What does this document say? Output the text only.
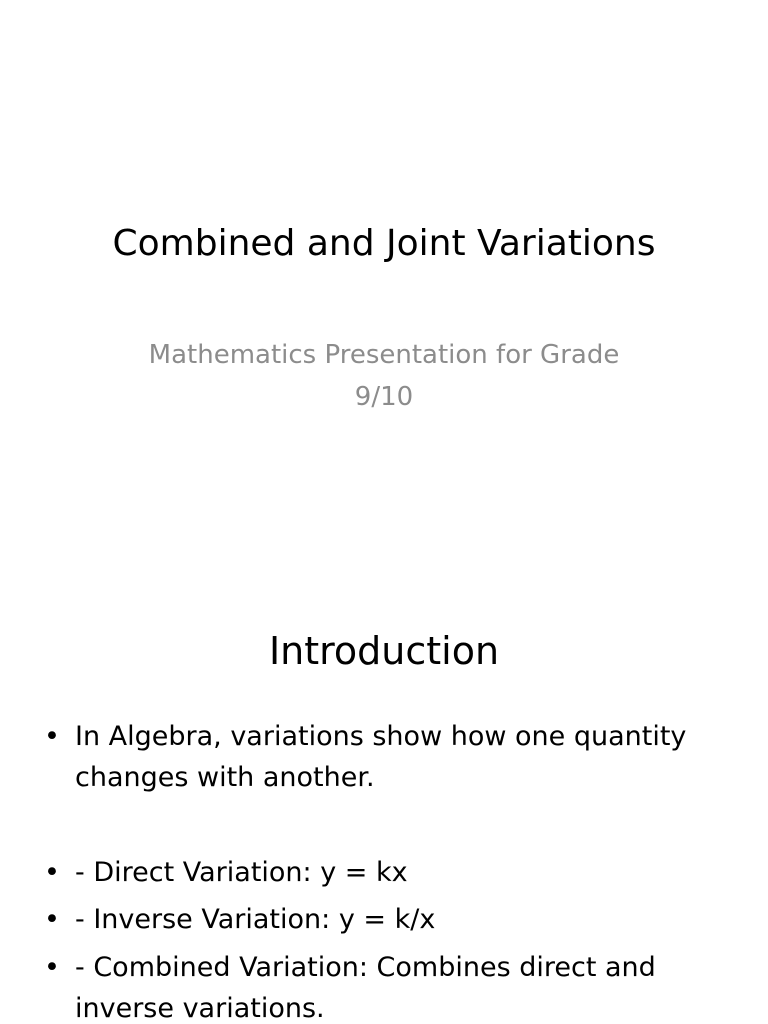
Combined and Joint Variations
Mathematics Presentation for Grade
9/10
Introduction
• In Algebra, variations show how one quantity
changes with another.
• - Direct Variation: y = kx
• - Inverse Variation: y = k/x
• - Combined Variation: Combines direct and
inverse variations.
